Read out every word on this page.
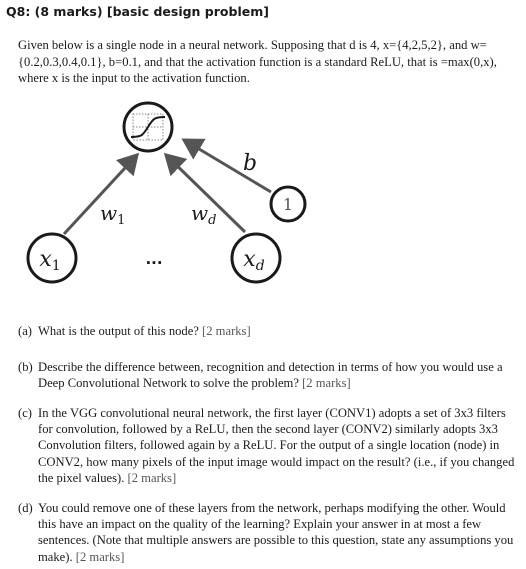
Q8: (8 marks) [basic design problem]
Given below is a single node in a neural network. Supposing that d is 4, x={4,2,5,2}, and w={0.2,0.3,0.4,0.1}, b=0.1, and that the activation function is a standard ReLU, that is =max(0,x), where x is the input to the activation function.
x1	xd
1
$w_1$	$w_d$
b
···
(a) What is the output of this node? [2 marks]
(b) Describe the difference between, recognition and detection in terms of how you would use a Deep Convolutional Network to solve the problem? [2 marks]
(c) In the VGG convolutional neural network, the first layer (CONV1) adopts a set of 3x3 filters for convolution, followed by a ReLU, then the second layer (CONV2) similarly adopts 3x3 Convolution filters, followed again by a ReLU. For the output of a single location (node) in CONV2, how many pixels of the input image would impact on the result? (i.e., if you changed the pixel values). [2 marks]
(d) You could remove one of these layers from the network, perhaps modifying the other. Would this have an impact on the quality of the learning? Explain your answer in at most a few sentences. (Note that multiple answers are possible to this question, state any assumptions you make). [2 marks]
